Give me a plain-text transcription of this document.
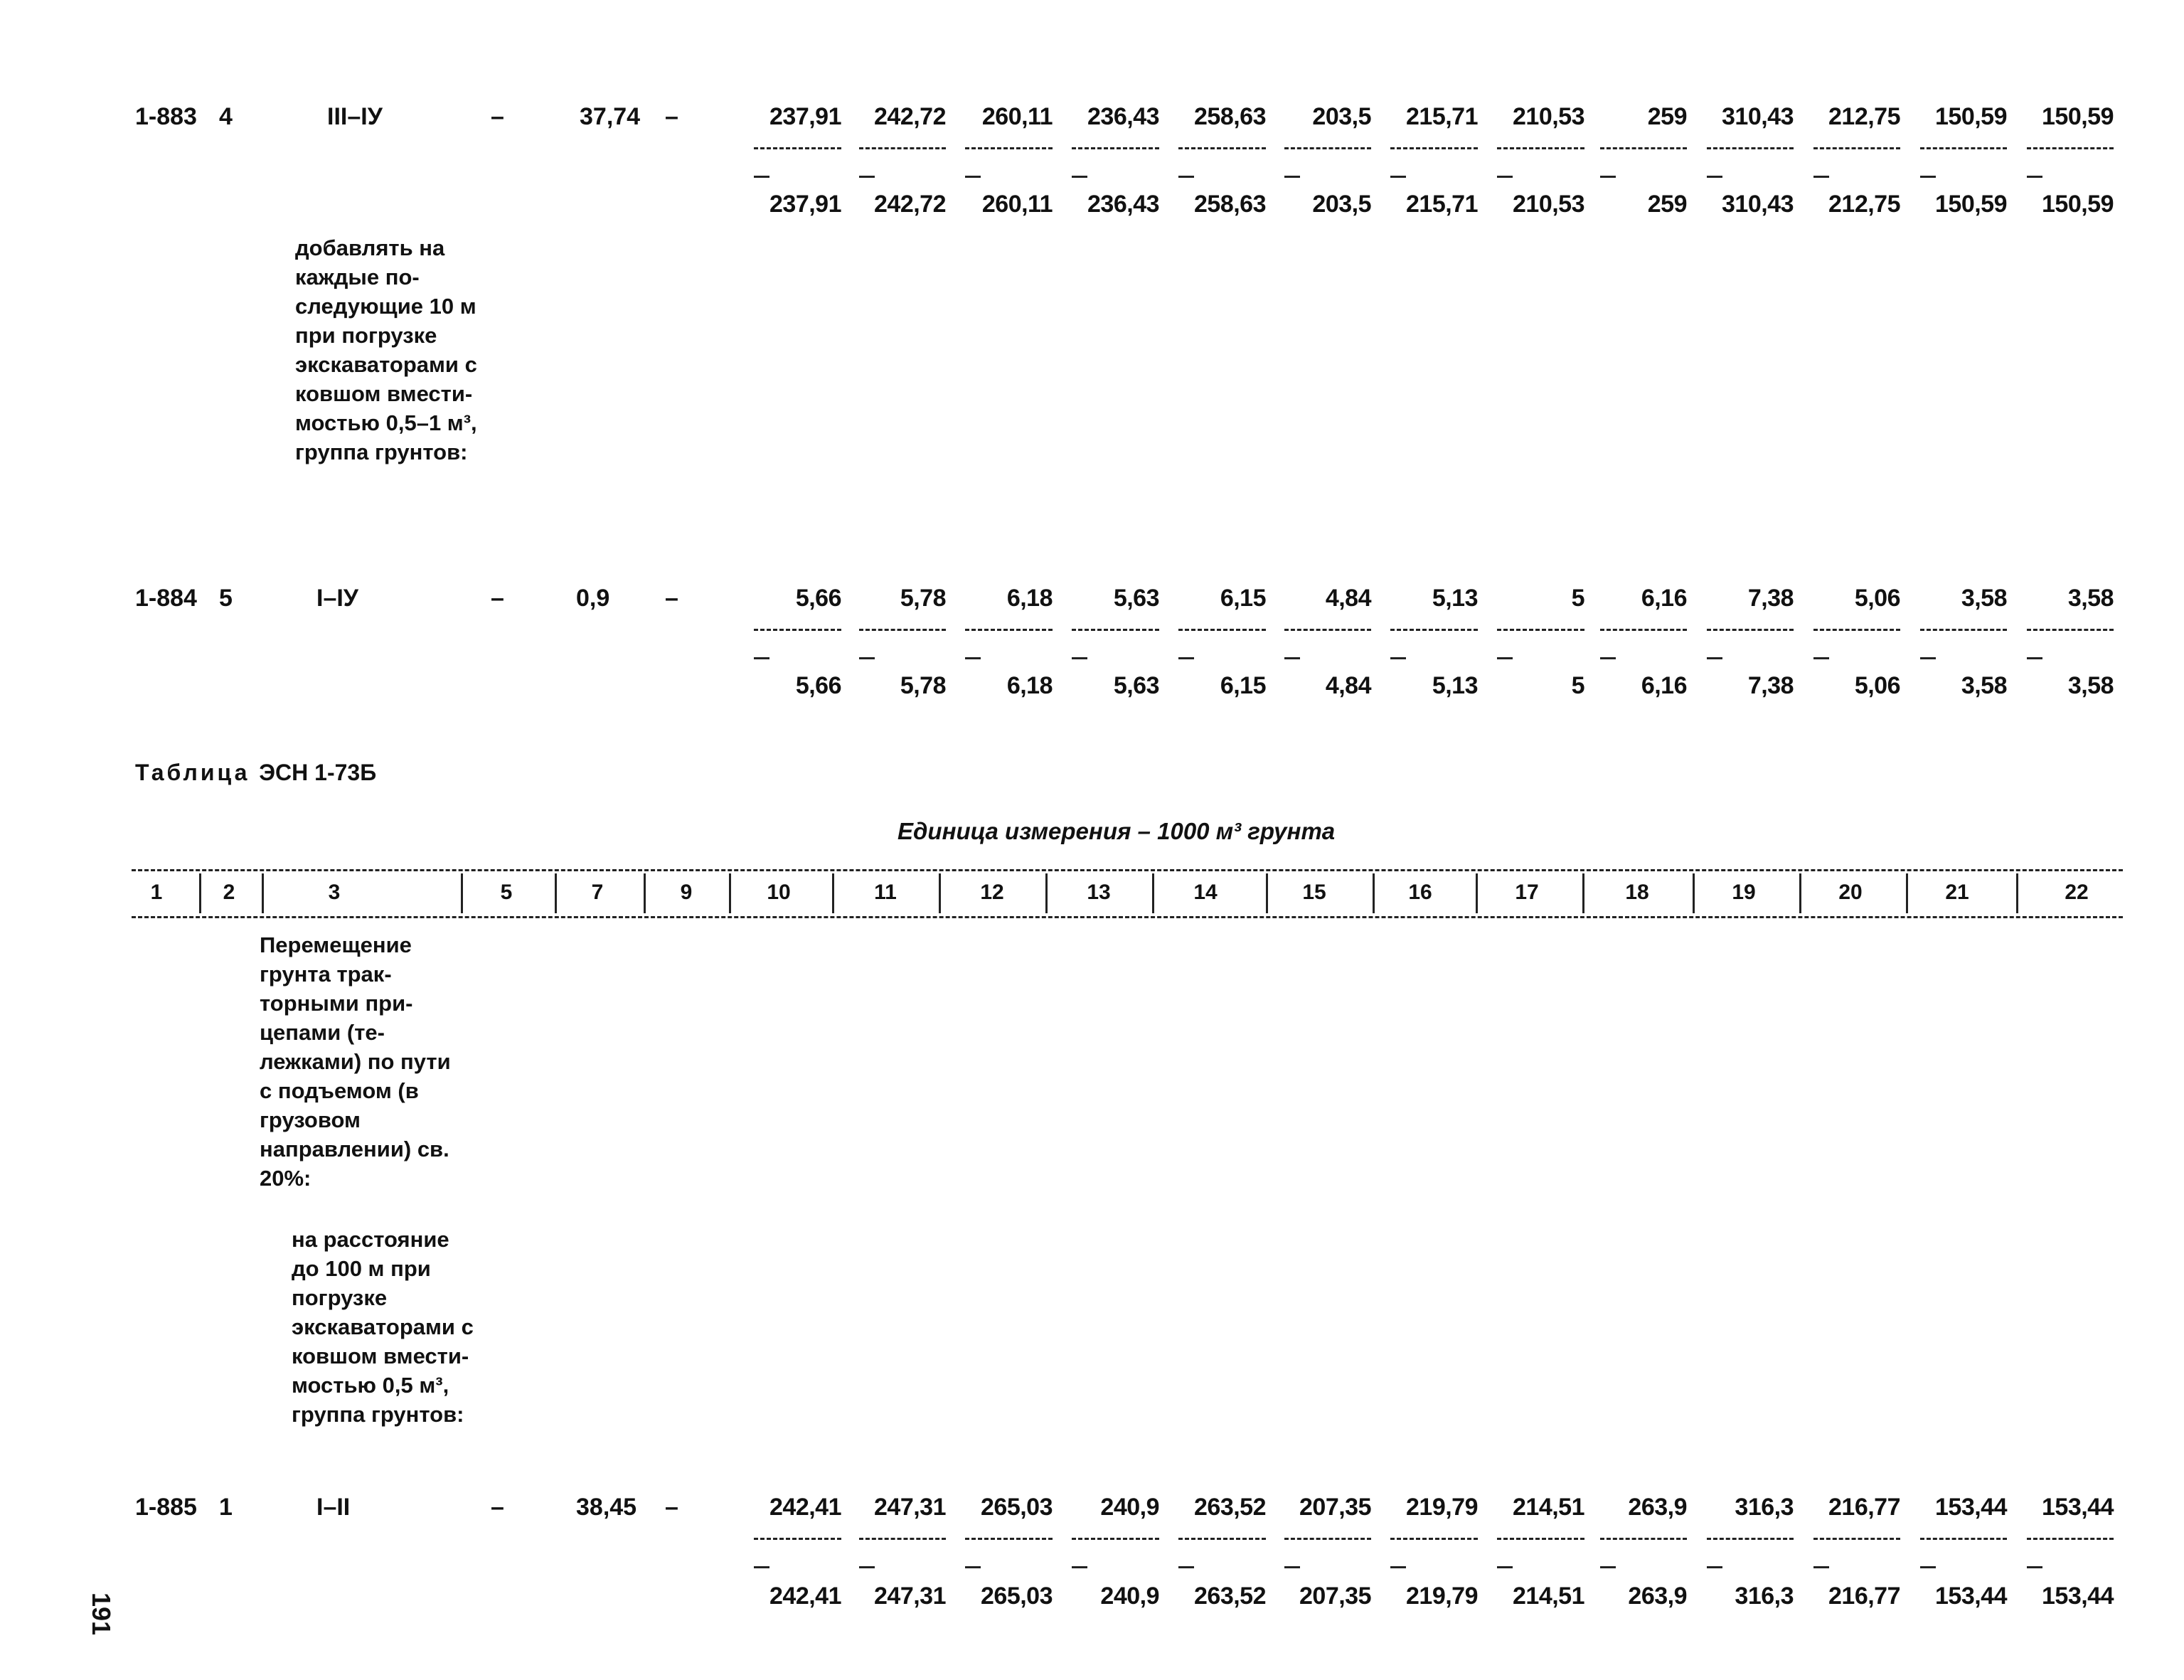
1-883 4	III–IУ	–	37,74 –	237,91 242,72 260,11 236,43 258,63 203,5 215,71 210,53	259 310,43 212,75 150,59 150,59
237,91 242,72 260,11 236,43 258,63 203,5 215,71 210,53	259 310,43 212,75 150,59 150,59
добавлять на каждые последующие 10 м при погрузке экскаваторами с ковшом вместимостью 0,5–1 м³, группа грунтов:
1-884 5	I–IУ	–	0,9 –	5,66 5,78	6,18	5,63	6,15 4,84	5,13	5 6,16	7,38	5,06	3,58	3,58
5,66 5,78	6,18	5,63	6,15 4,84	5,13	5 6,16	7,38	5,06	3,58	3,58
Таблица ЭСН 1-73Б
Единица измерения – 1000 м³ грунта
1	2	3	5	7	9	10	11	12	13	14	15	16	17	18	19	20	21	22
Перемещение грунта тракторными прицепами (тележками) по пути с подъемом (в грузовом направлении) св. 20%:
на расстояние до 100 м при погрузке экскаваторами с ковшом вместимостью 0,5 м³, группа грунтов:
1-885 1	I–II	–	38,45 –	242,41 247,31 265,03 240,9 263,52 207,35 219,79 214,51 263,9 316,3 216,77 153,44 153,44
242,41 247,31 265,03 240,9 263,52 207,35 219,79 214,51 263,9 316,3 216,77 153,44 153,44
191
